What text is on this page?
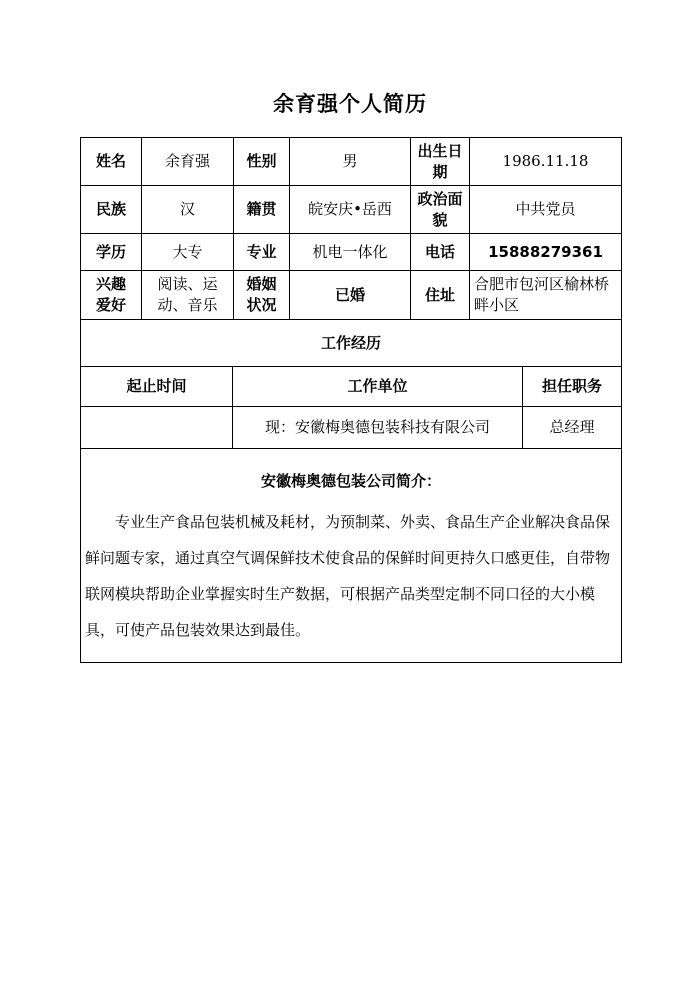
余育强个人简历
姓名	余育强	性别	男	出生日期	1986.11.18
民族	汉	籍贯	皖安庆•岳西	政治面貌	中共党员
学历	大专	专业	机电一体化	电话	15888279361
兴趣爱好	阅读、运动、音乐	婚姻状况	已婚	住址	合肥市包河区榆林桥畔小区
工作经历					
起止时间	工作单位	担任职务
	现：安徽梅奥德包装科技有限公司	总经理

安徽梅奥德包装公司简介：
专业生产食品包装机械及耗材，为预制菜、外卖、食品生产企业解决食品保鲜问题专家，通过真空气调保鲜技术使食品的保鲜时间更持久口感更佳，自带物联网模块帮助企业掌握实时生产数据，可根据产品类型定制不同口径的大小模具，可使产品包装效果达到最佳。		
